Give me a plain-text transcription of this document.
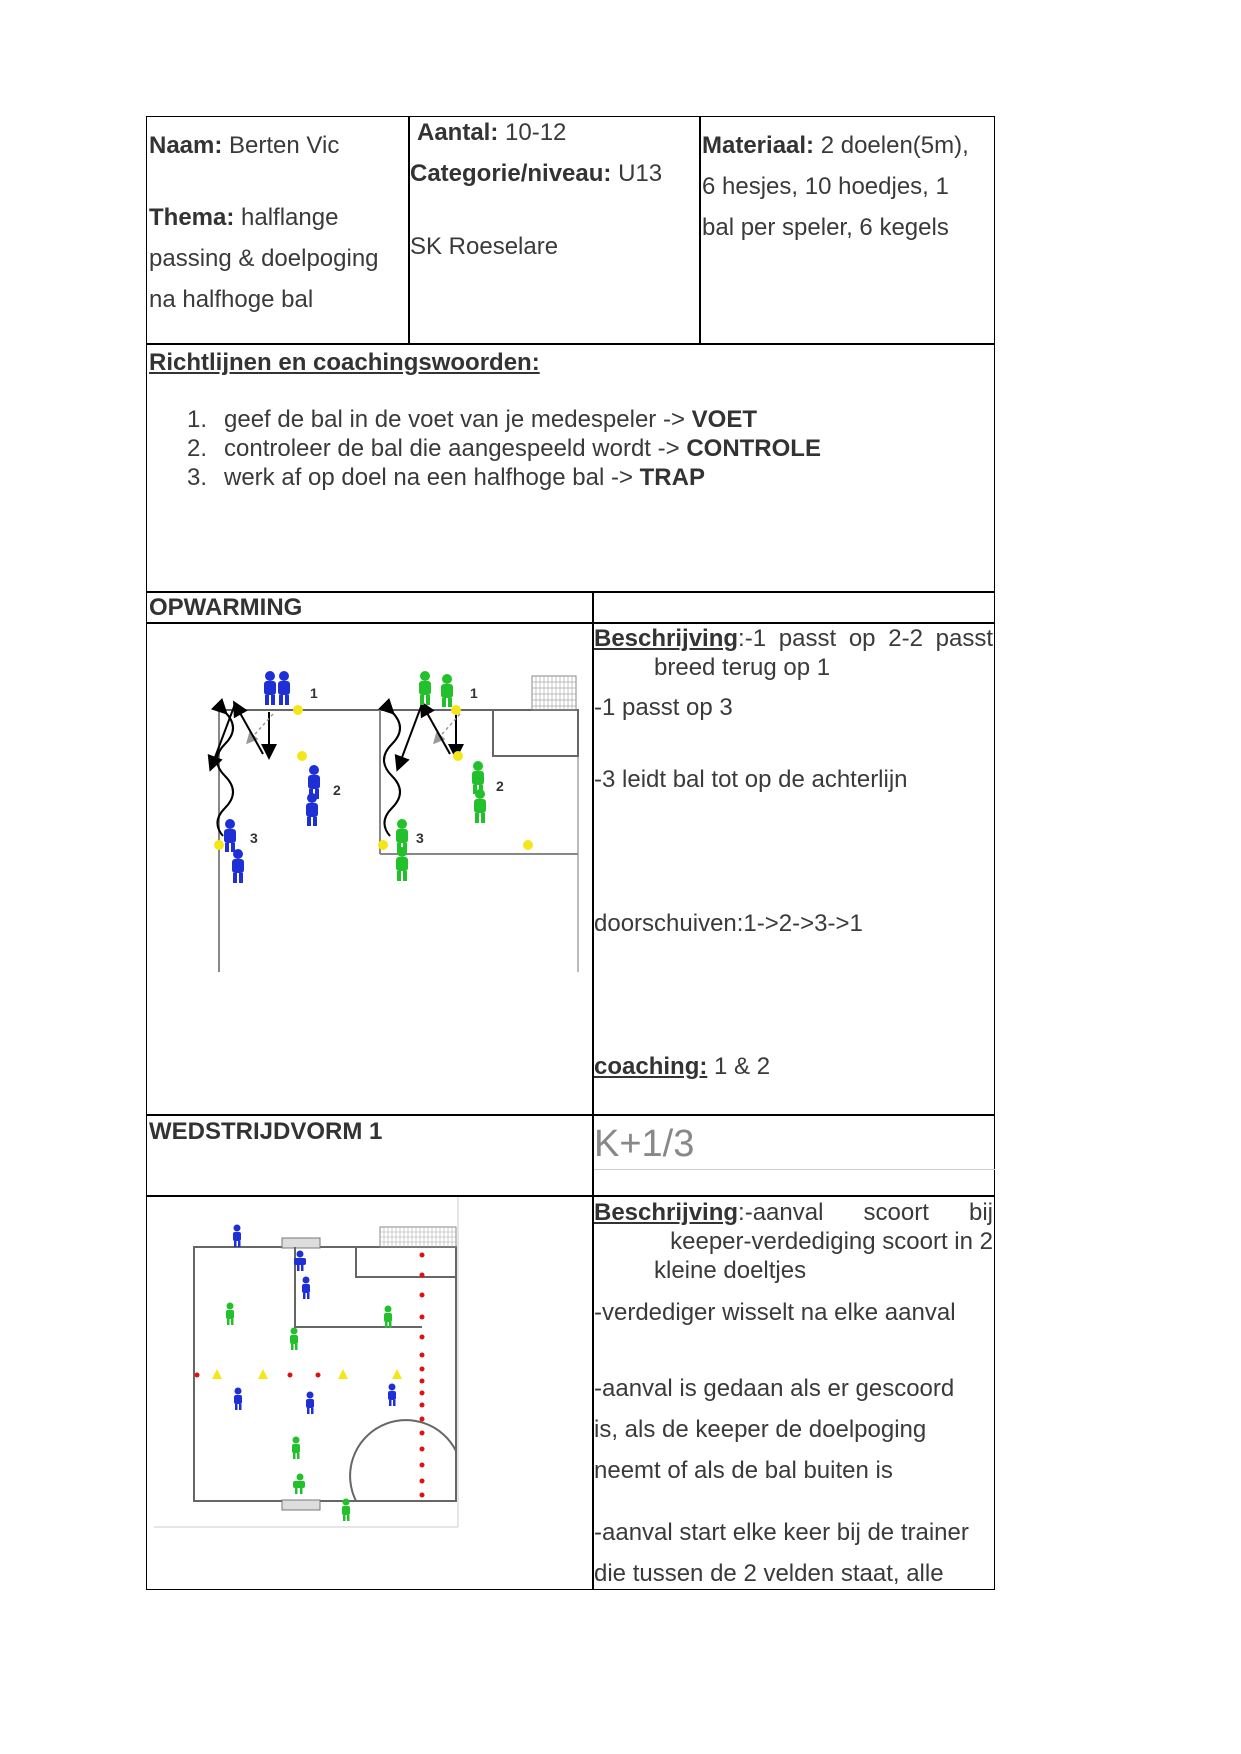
Naam: Berten Vic
Thema: halflange
passing & doelpoging
na halfhoge bal
Aantal: 10-12
Categorie/niveau: U13
SK Roeselare
Materiaal: 2 doelen(5m),
6 hesjes, 10 hoedjes, 1
bal per speler, 6 kegels
Richtlijnen en coachingswoorden:
1. geef de bal in de voet van je medespeler -> VOET
2. controleer de bal die aangespeeld wordt -> CONTROLE
3. werk af op doel na een halfhoge bal -> TRAP
OPWARMING
1
2
3
1
2
3
Beschrijving:-1 passt op 2-2 passt
breed terug op 1
-1 passt op 3
-3 leidt bal tot op de achterlijn
doorschuiven:1->2->3->1
coaching: 1 & 2
WEDSTRIJDVORM 1	K+1/3
Beschrijving:-aanval scoort bij
keeper-verdediging scoort in 2
kleine doeltjes
-verdediger wisselt na elke aanval
-aanval is gedaan als er gescoord
is, als de keeper de doelpoging
neemt of als de bal buiten is
-aanval start elke keer bij de trainer
die tussen de 2 velden staat, alle
